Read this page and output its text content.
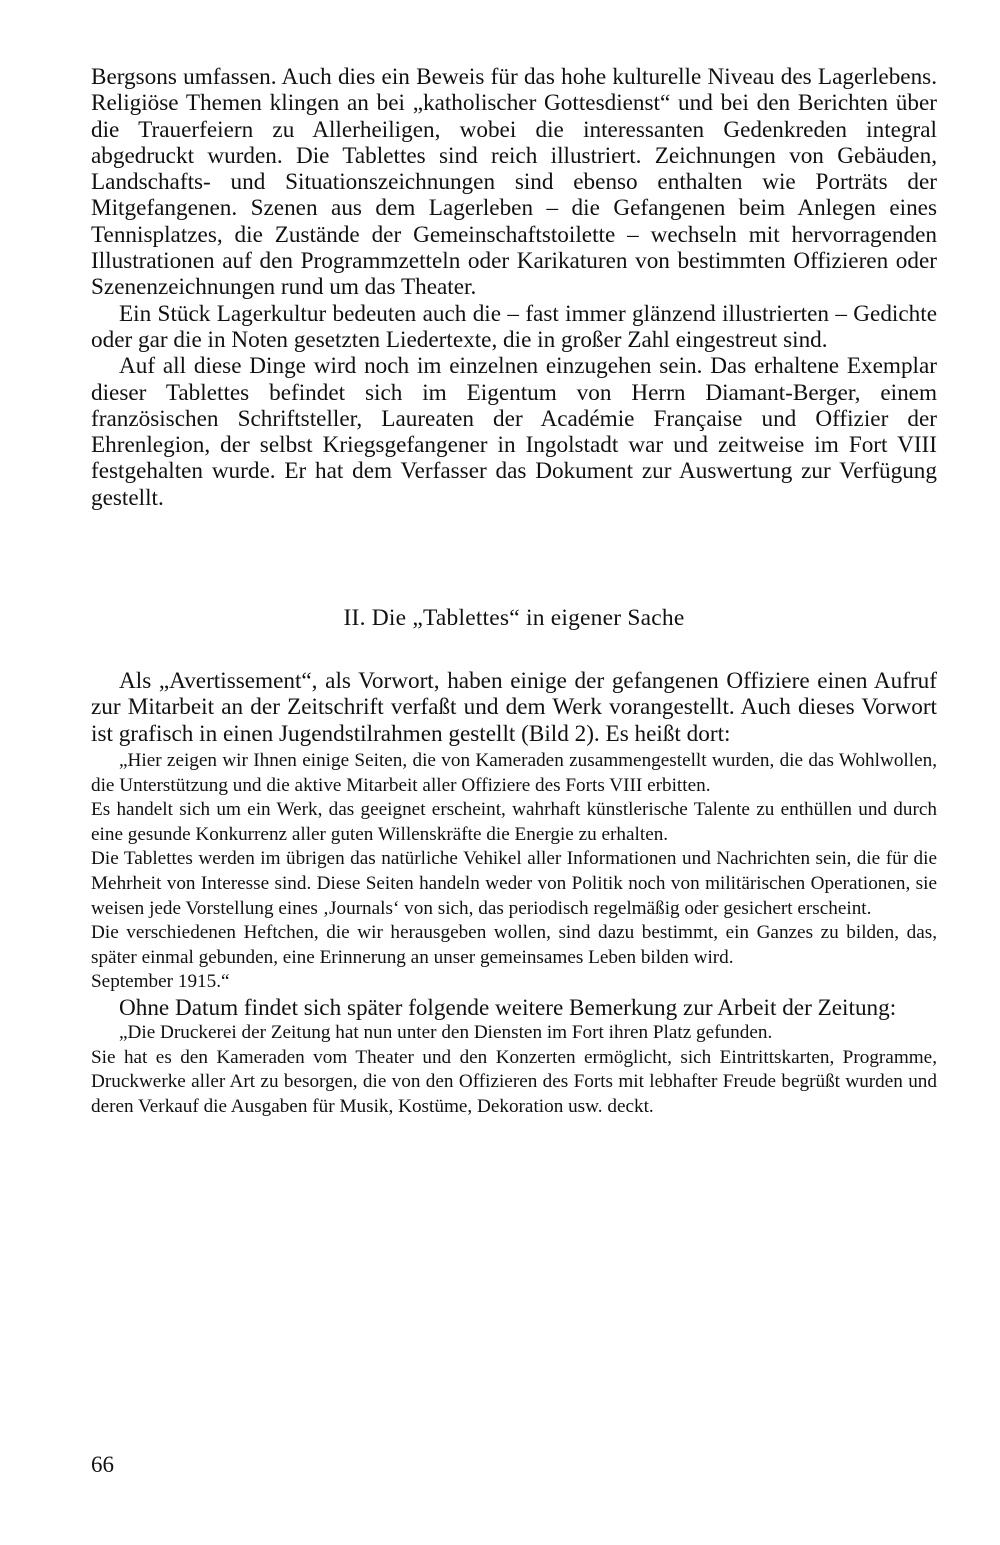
Bergsons umfassen. Auch dies ein Beweis für das hohe kulturelle Niveau des Lagerlebens. Religiöse Themen klingen an bei „katholischer Gottesdienst“ und bei den Berichten über die Trauerfeiern zu Allerheiligen, wobei die interessanten Gedenkreden integral abgedruckt wurden. Die Tablettes sind reich illustriert. Zeichnungen von Gebäuden, Landschafts- und Situationszeichnungen sind ebenso enthalten wie Porträts der Mitgefangenen. Szenen aus dem Lagerleben – die Gefangenen beim Anlegen eines Tennisplatzes, die Zustände der Gemeinschaftstoilette – wechseln mit hervorragenden Illustrationen auf den Programmzetteln oder Karikaturen von bestimmten Offizieren oder Szenenzeichnungen rund um das Theater.

Ein Stück Lagerkultur bedeuten auch die – fast immer glänzend illustrierten – Gedichte oder gar die in Noten gesetzten Liedertexte, die in großer Zahl eingestreut sind.

Auf all diese Dinge wird noch im einzelnen einzugehen sein. Das erhaltene Exemplar dieser Tablettes befindet sich im Eigentum von Herrn Diamant-Berger, einem französischen Schriftsteller, Laureaten der Académie Française und Offizier der Ehrenlegion, der selbst Kriegsgefangener in Ingolstadt war und zeitweise im Fort VIII festgehalten wurde. Er hat dem Verfasser das Dokument zur Auswertung zur Verfügung gestellt.

II. Die „Tablettes“ in eigener Sache

Als „Avertissement“, als Vorwort, haben einige der gefangenen Offiziere einen Aufruf zur Mitarbeit an der Zeitschrift verfaßt und dem Werk vorangestellt. Auch dieses Vorwort ist grafisch in einen Jugendstilrahmen gestellt (Bild 2). Es heißt dort:

„Hier zeigen wir Ihnen einige Seiten, die von Kameraden zusammengestellt wurden, die das Wohlwollen, die Unterstützung und die aktive Mitarbeit aller Offiziere des Forts VIII erbitten.

Es handelt sich um ein Werk, das geeignet erscheint, wahrhaft künstlerische Talente zu enthüllen und durch eine gesunde Konkurrenz aller guten Willenskräfte die Energie zu erhalten.

Die Tablettes werden im übrigen das natürliche Vehikel aller Informationen und Nachrichten sein, die für die Mehrheit von Interesse sind. Diese Seiten handeln weder von Politik noch von militärischen Operationen, sie weisen jede Vorstellung eines ‚Journals‘ von sich, das periodisch regelmäßig oder gesichert erscheint.

Die verschiedenen Heftchen, die wir herausgeben wollen, sind dazu bestimmt, ein Ganzes zu bilden, das, später einmal gebunden, eine Erinnerung an unser gemeinsames Leben bilden wird.

September 1915.“

Ohne Datum findet sich später folgende weitere Bemerkung zur Arbeit der Zeitung:

„Die Druckerei der Zeitung hat nun unter den Diensten im Fort ihren Platz gefunden.

Sie hat es den Kameraden vom Theater und den Konzerten ermöglicht, sich Eintrittskarten, Programme, Druckwerke aller Art zu besorgen, die von den Offizieren des Forts mit lebhafter Freude begrüßt wurden und deren Verkauf die Ausgaben für Musik, Kostüme, Dekoration usw. deckt.

66
